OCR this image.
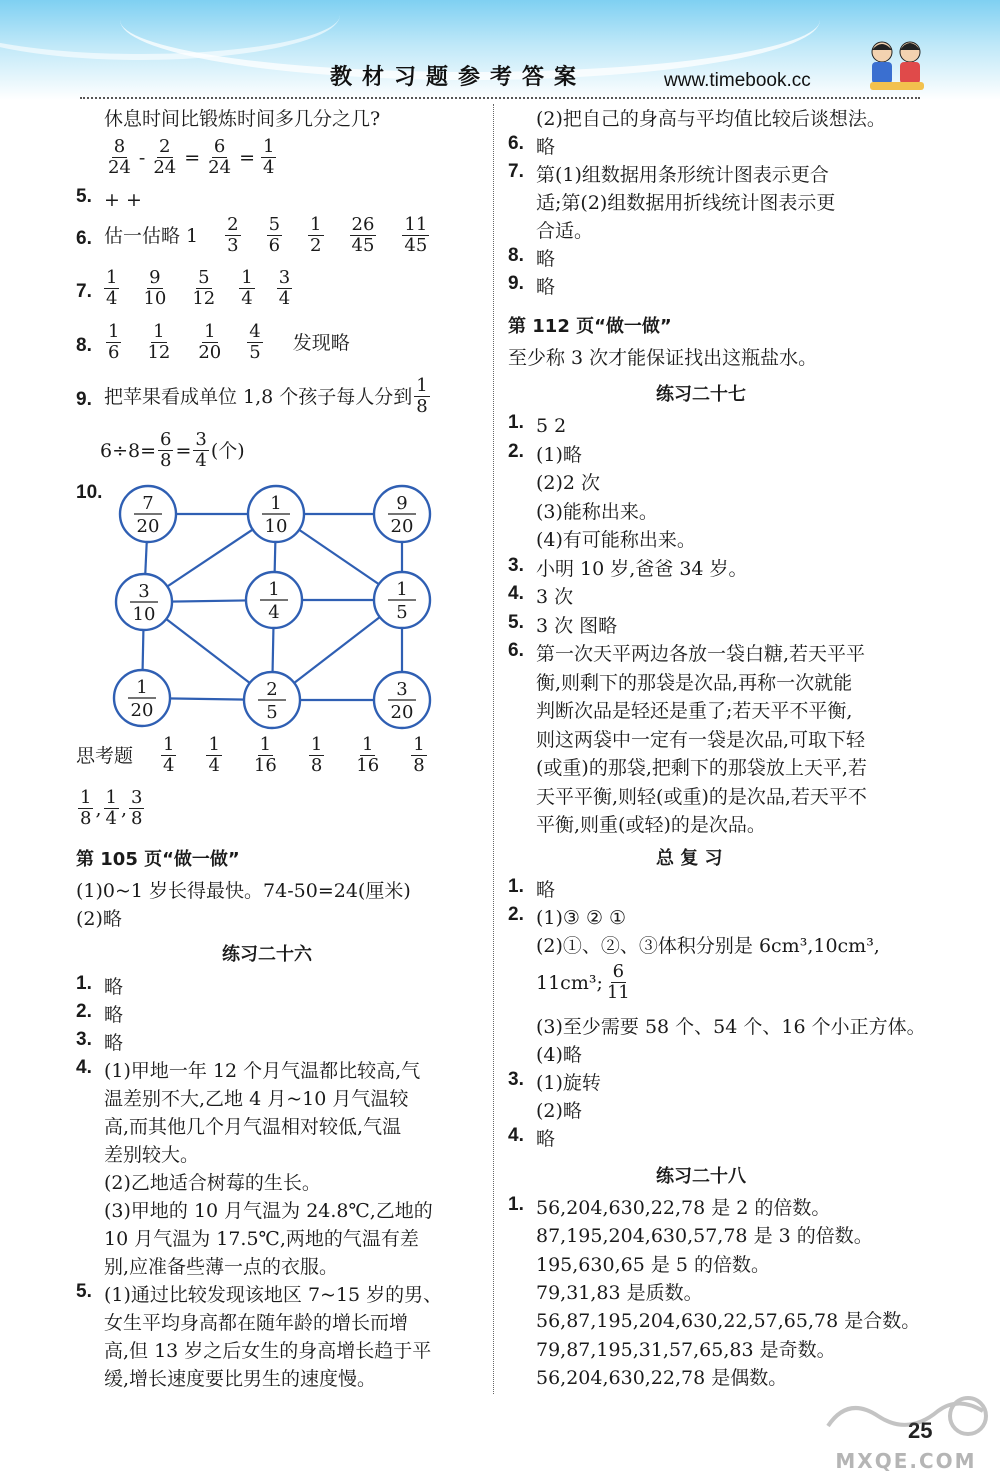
教材习题参考答案	www.timebook.cc
休息时间比锻炼时间多几分之几?
$\frac{8}{24} - \frac{2}{24} = \frac{6}{24} = \frac{1}{4}$
5. + +
6. 估一估略 $1 \frac{2}{3} \frac{5}{6} \frac{1}{2} \frac{26}{45} \frac{11}{45}$
7. $\frac{1}{4} \frac{9}{10} \frac{5}{12} \frac{1}{4} \frac{3}{4}$
8. $\frac{1}{6} \frac{1}{12} \frac{1}{20} \frac{4}{5}$ 发现略
9. 把苹果看成单位 1,8 个孩子每人分到 $\frac{1}{8}$
$6\div 8= \frac{6}{8} = \frac{3}{4}$ (个)
10.
思考题 $\frac{1}{4} \frac{1}{4} \frac{1}{16} \frac{1}{8} \frac{1}{16} \frac{1}{8}$
$\frac{1}{8}$ , $\frac{1}{4}$ , $\frac{3}{8}$
第 105 页“做一做”
(1)0~1 岁长得最快。74-50=24(厘米)
(2)略
练习二十六
1. 略
2. 略
3. 略
4. (1)甲地一年 12 个月气温都比较高,气
温差别不大,乙地 4 月~10 月气温较
高,而其他几个月气温相对较低,气温
差别较大。
(2)乙地适合树莓的生长。
(3)甲地的 10 月气温为 24.8℃,乙地的
10 月气温为 17.5℃,两地的气温有差
别,应准备些薄一点的衣服。
5. (1)通过比较发现该地区 7~15 岁的男、
女生平均身高都在随年龄的增长而增
高,但 13 岁之后女生的身高增长趋于平
缓,增长速度要比男生的速度慢。
(2)把自己的身高与平均值比较后谈想法。
6. 略
7. 第(1)组数据用条形统计图表示更合
适;第(2)组数据用折线统计图表示更
合适。
8. 略
9. 略
第 112 页“做一做”
至少称 3 次才能保证找出这瓶盐水。
练习二十七
1. 5 2
2. (1)略
(2)2 次
(3)能称出来。
(4)有可能称出来。
3. 小明 10 岁,爸爸 34 岁。
4. 3 次
5. 3 次 图略
6. 第一次天平两边各放一袋白糖,若天平平
衡,则剩下的那袋是次品,再称一次就能
判断次品是轻还是重了;若天平不平衡,
则这两袋中一定有一袋是次品,可取下轻
(或重)的那袋,把剩下的那袋放上天平,若
天平平衡,则轻(或重)的是次品,若天平不
平衡,则重(或轻)的是次品。
总 复 习
1. 略
2. (1)③ ② ①
(2)①、②、③体积分别是 6cm³,10cm³,
11cm³; $\frac{6}{11}$
(3)至少需要 58 个、54 个、16 个小正方体。
(4)略
3. (1)旋转
(2)略
4. 略
练习二十八
1. 56,204,630,22,78 是 2 的倍数。
87,195,204,630,57,78 是 3 的倍数。
195,630,65 是 5 的倍数。
79,31,83 是质数。
56,87,195,204,630,22,57,65,78 是合数。
79,87,195,31,57,65,83 是奇数。
56,204,630,22,78 是偶数。
7
20
1
10
9
20
3
10
1
4
1
5
1
20
2
5
3
20
25
MXQE.COM
